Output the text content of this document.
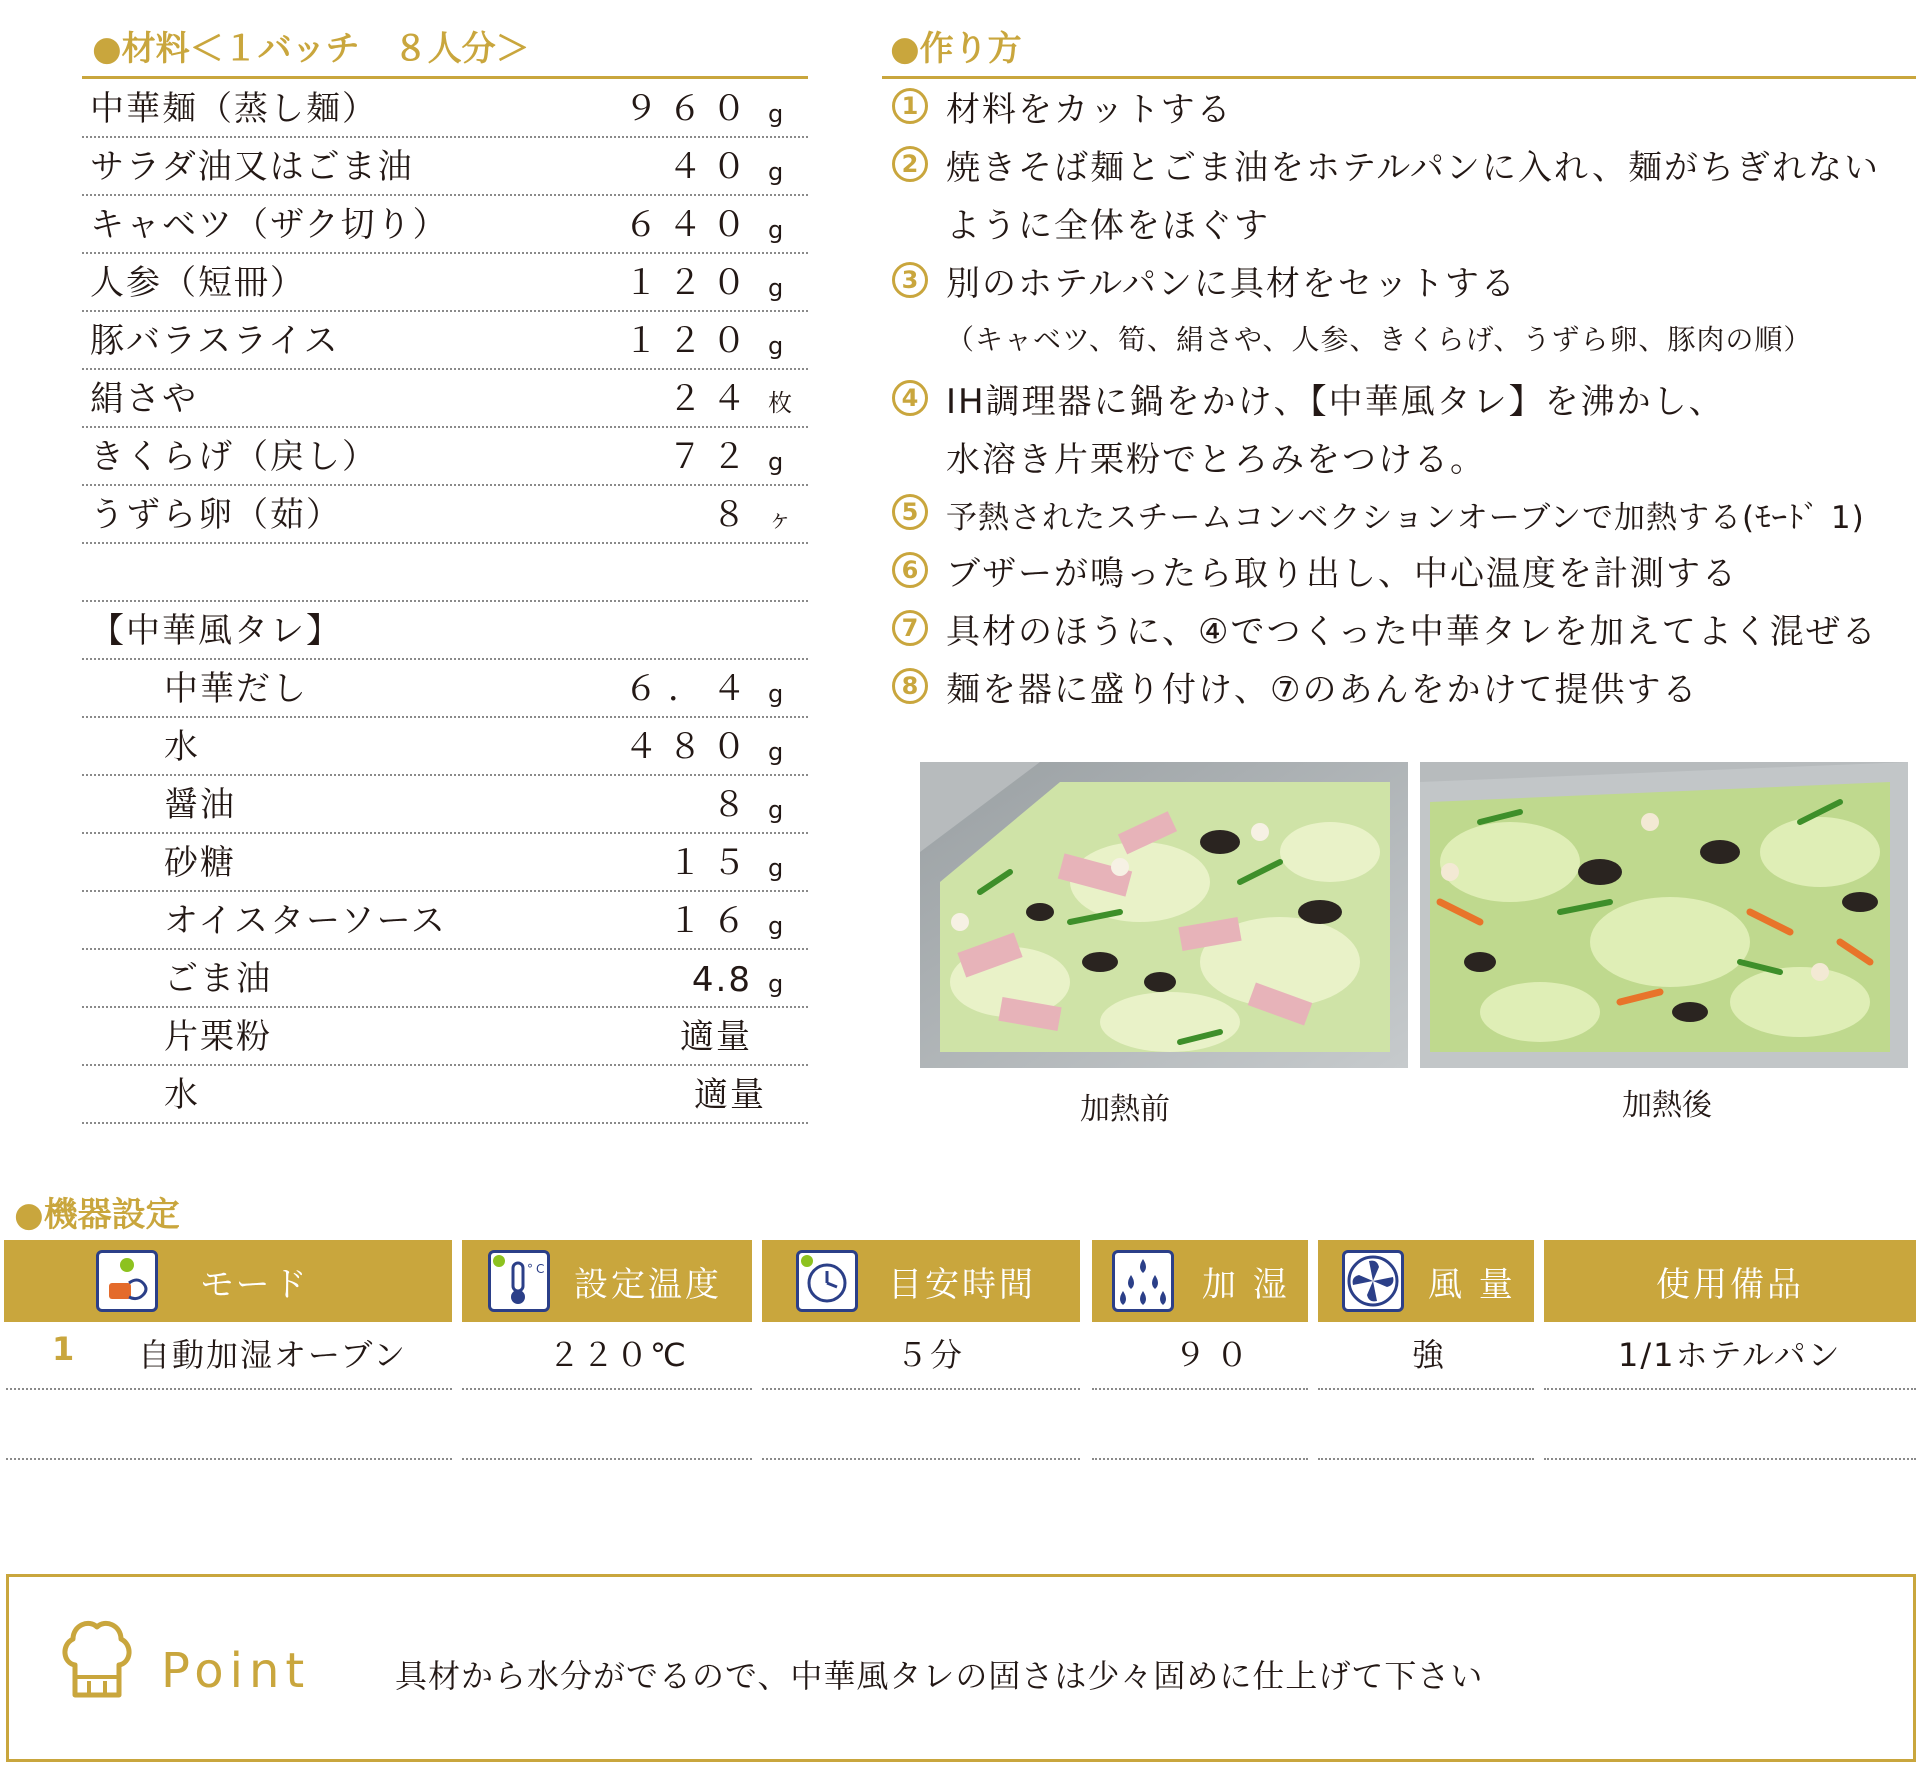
●材料＜１バッチ　８人分＞
中華麺（蒸し麺）	９６０ g
サラダ油又はごま油	４０ g
キャベツ（ザク切り）	６４０ g
人参（短冊）	１２０ g
豚バラスライス	１２０ g
絹さや	２４ 枚
きくらげ（戻し）	７２ g
うずら卵（茹）	８ ヶ
【中華風タレ】
中華だし	６．４ g
水	４８０ g
醤油	８ g
砂糖	１５ g
オイスターソース	１６ g
ごま油	4.8 g
片栗粉	適量
水	適量
●作り方
1 材料をカットする
2 焼きそば麺とごま油をホテルパンに入れ、麺がちぎれない
ように全体をほぐす
3 別のホテルパンに具材をセットする
（キャベツ、筍、絹さや、人参、きくらげ、うずら卵、豚肉の順）
4 IH調理器に鍋をかけ、【中華風タレ】を沸かし、
水溶き片栗粉でとろみをつける。
5 予熱されたスチームコンベクションオーブンで加熱する(ﾓｰﾄﾞ 1)
6 ブザーが鳴ったら取り出し、中心温度を計測する
7 具材のほうに、④でつくった中華タレを加えてよく混ぜる
8 麺を器に盛り付け、⑦のあんをかけて提供する
加熱前	加熱後
●機器設定
モード	°C 設定温度	目安時間	加 湿	風 量	使用備品
1 自動加湿オーブン	２２０℃	５分	９０	強	1/1ホテルパン
Point	具材から水分がでるので、中華風タレの固さは少々固めに仕上げて下さい
